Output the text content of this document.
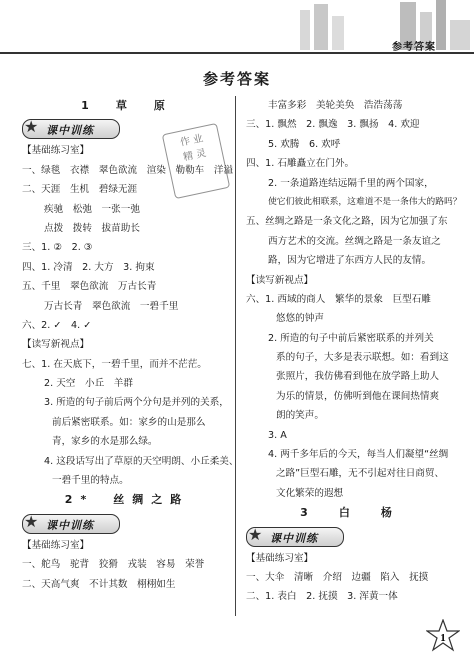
参考答案
参考答案
作 业
精 灵
1　草　原
★ 课中训练
【基础练习室】
一、绿毯　衣襟　翠色欲流　渲染　勒勒车　洋溢
二、天涯　生机　碧绿无涯
疾驰　松弛　一张一弛
点拨　拨转　拔苗助长
三、1. ②　2. ③
四、1. 冷清　2. 大方　3. 拘束
五、千里　翠色欲流　万古长青
万古长青　翠色欲流　一碧千里
六、2. ✓　4. ✓
【读写新视点】
七、1. 在天底下，一碧千里，而并不茫茫。
2. 天空　小丘　羊群
3. 所造的句子前后两个分句是并列的关系，
前后紧密联系。如：家乡的山是那么
青，家乡的水是那么绿。
4. 这段话写出了草原的天空明朗、小丘柔美、
一碧千里的特点。
2*　丝绸之路
★ 课中训练
【基础练习室】
一、舵鸟　驼背　狡猾　戎装　容易　荣誉
二、天高气爽　不计其数　栩栩如生
丰富多彩　美轮美奂　浩浩荡荡
三、1. 飘然　2. 飘逸　3. 飘扬　4. 欢迎
5. 欢腾　6. 欢呼
四、1. 石雕矗立在门外。
2. 一条道路连结远隔千里的两个国家，
使它们彼此相联系，这难道不是一条伟大的路吗？
五、丝绸之路是一条文化之路，因为它加强了东
西方艺术的交流。丝绸之路是一条友谊之
路，因为它增进了东西方人民的友情。
【读写新视点】
六、1. 西域的商人　繁华的景象　巨型石雕
悠悠的钟声
2. 所造的句子中前后紧密联系的并列关
系的句子，大多是表示联想。如：看到这
张照片，我仿佛看到他在放学路上助人
为乐的情景，仿佛听到他在课间热情爽
朗的笑声。
3. A
4. 两千多年后的今天，每当人们凝望“丝绸
之路”巨型石雕，无不引起对往日商贸、
文化繁荣的遐想
3　白　杨
★ 课中训练
【基础练习室】
一、大伞　清晰　介绍　边疆　陷入　抚摸
二、1. 表白　2. 抚摸　3. 浑黄一体
1
